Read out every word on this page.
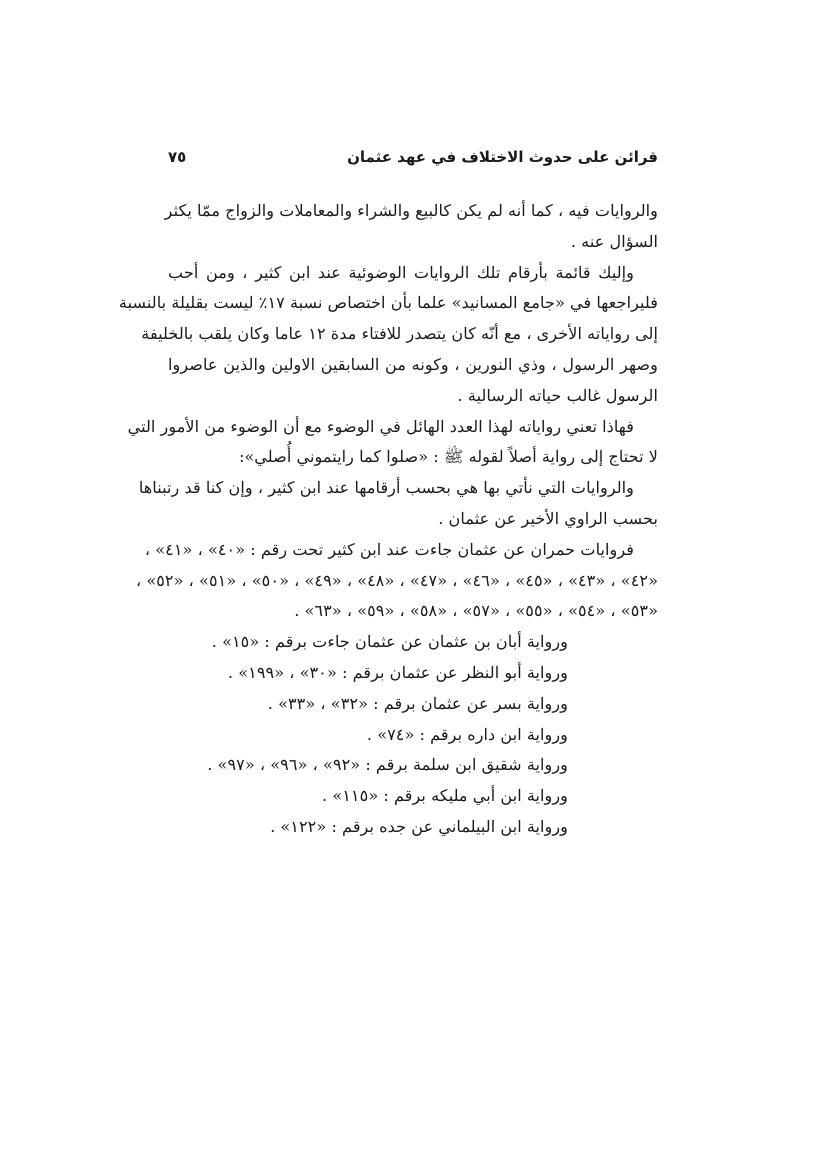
قرائن على حدوث الاختلاف في عهد عثمان
٧٥
والروايات فيه ، كما أنه لم يكن كالبيع والشراء والمعاملات والزواج ممّا يكثر
السؤال عنه .
وإليك قائمة بأرقام تلك الروايات الوضوئية عند ابن كثير ، ومن أحب
فليراجعها في «جامع المسانيد» علما بأن اختصاص نسبة ١٧٪ ليست بقليلة بالنسبة
إلى رواياته الأخرى ، مع أنّه كان يتصدر للافتاء مدة ١٢ عاما وكان يلقب بالخليفة
وصهر الرسول ، وذي النورين ، وكونه من السابقين الاولين والذين عاصروا
الرسول غالب حياته الرسالية .
فهاذا تعني رواياته لهذا العدد الهائل في الوضوء مع أن الوضوء من الأمور التي
لا تحتاج إلى رواية أصلاً لقوله ﷺ : «صلوا كما رايتموني أُصلي»:
والروايات التي نأتي بها هي بحسب أرقامها عند ابن كثير ، وإن كنا قد رتبناها
بحسب الراوي الأخير عن عثمان .
فروايات حمران عن عثمان جاءت عند ابن كثير تحت رقم : «٤٠» ، «٤١» ،
«٤٢» ، «٤٣» ، «٤٥» ، «٤٦» ، «٤٧» ، «٤٨» ، «٤٩» ، «٥٠» ، «٥١» ، «٥٢» ،
«٥٣» ، «٥٤» ، «٥٥» ، «٥٧» ، «٥٨» ، «٥٩» ، «٦٣» .
ورواية أبان بن عثمان عن عثمان جاءت برقم : «١٥» .
ورواية أبو النظر عن عثمان برقم : «٣٠» ، «١٩٩» .
ورواية بسر عن عثمان برقم : «٣٢» ، «٣٣» .
ورواية ابن داره برقم : «٧٤» .
ورواية شقيق ابن سلمة برقم : «٩٢» ، «٩٦» ، «٩٧» .
ورواية ابن أبي مليكه برقم : «١١٥» .
ورواية ابن البيلماني عن جده برقم : «١٢٢» .
